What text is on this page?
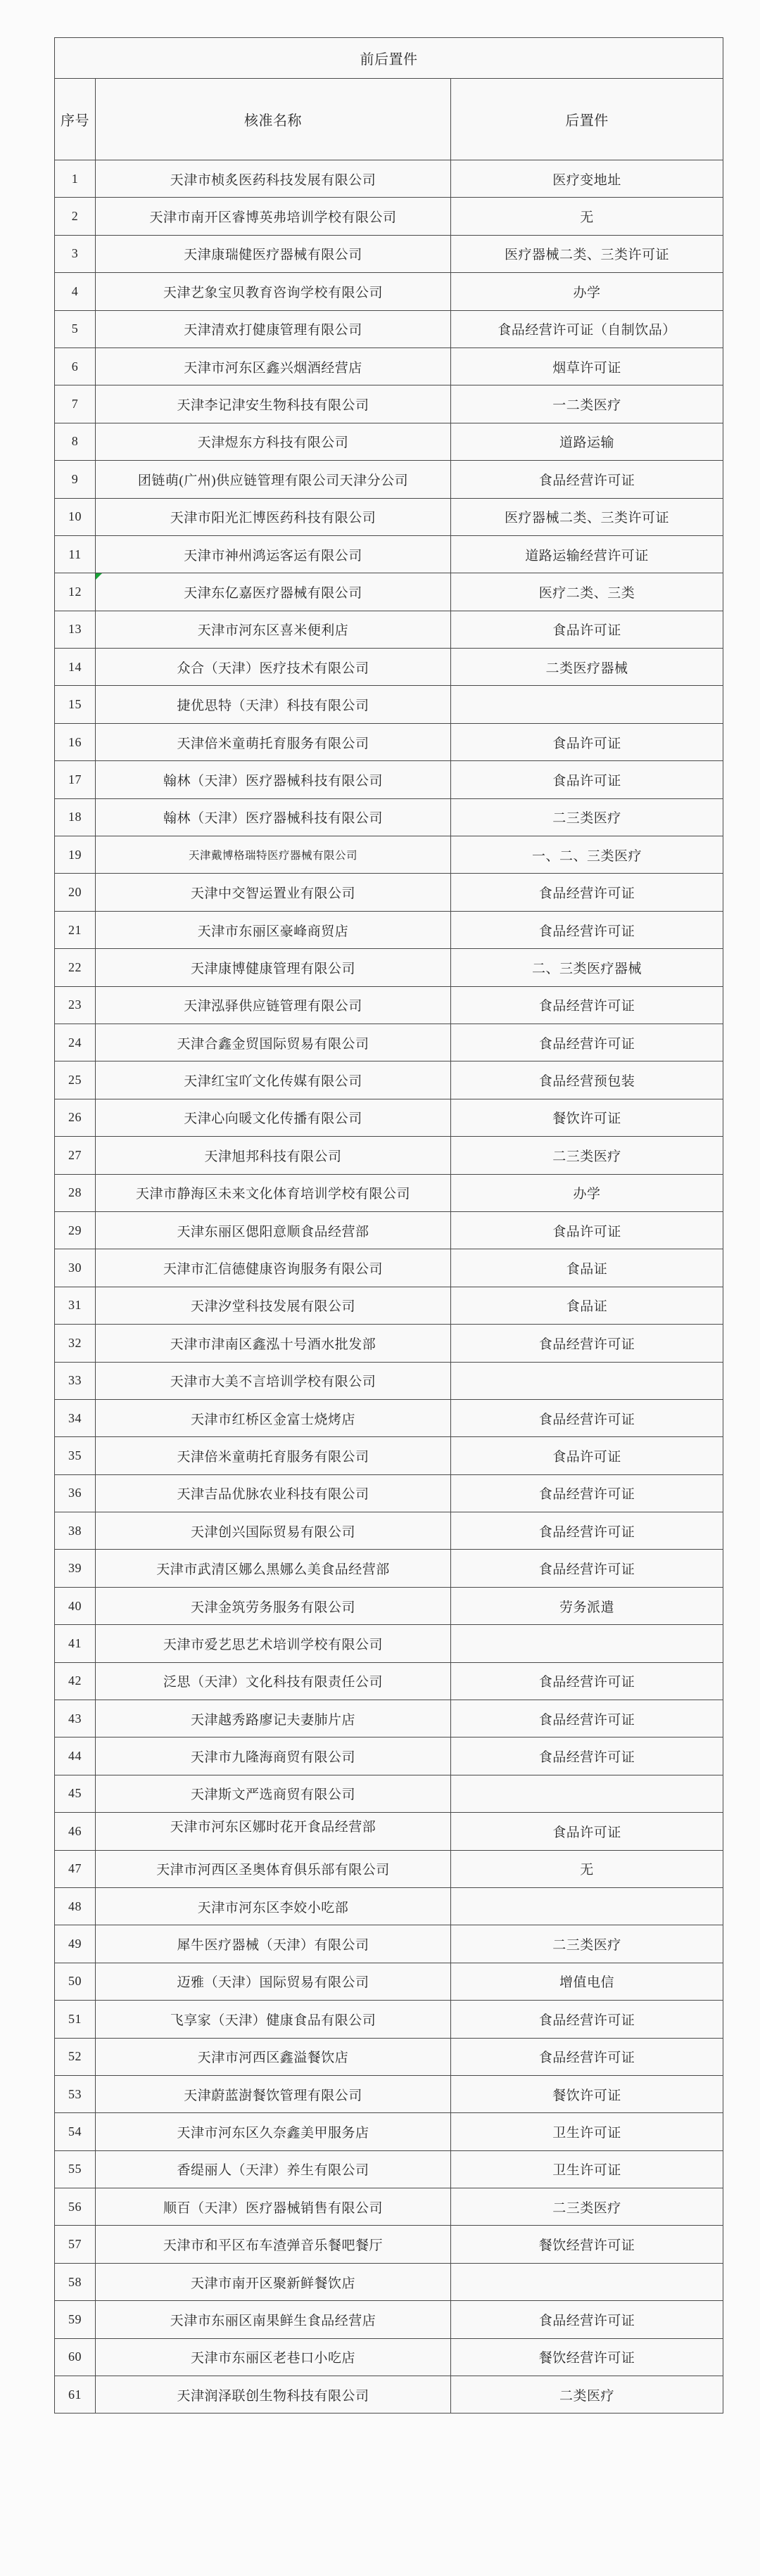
前后置件		
序号	核准名称	后置件
1	天津市桢炙医药科技发展有限公司	医疗变地址
2	天津市南开区睿博英弗培训学校有限公司	无
3	天津康瑞健医疗器械有限公司	医疗器械二类、三类许可证
4	天津艺象宝贝教育咨询学校有限公司	办学
5	天津清欢打健康管理有限公司	食品经营许可证（自制饮品）
6	天津市河东区鑫兴烟酒经营店	烟草许可证
7	天津李记津安生物科技有限公司	一二类医疗
8	天津煜东方科技有限公司	道路运输
9	团链萌(广州)供应链管理有限公司天津分公司	食品经营许可证
10	天津市阳光汇博医药科技有限公司	医疗器械二类、三类许可证
11	天津市神州鸿运客运有限公司	道路运输经营许可证
12	天津东亿嘉医疗器械有限公司	医疗二类、三类
13	天津市河东区喜米便利店	食品许可证
14	众合（天津）医疗技术有限公司	二类医疗器械
15	捷优思特（天津）科技有限公司	
16	天津倍米童萌托育服务有限公司	食品许可证
17	翰林（天津）医疗器械科技有限公司	食品许可证
18	翰林（天津）医疗器械科技有限公司	二三类医疗
19	天津戴博格瑞特医疗器械有限公司	一、二、三类医疗
20	天津中交智运置业有限公司	食品经营许可证
21	天津市东丽区豪峰商贸店	食品经营许可证
22	天津康博健康管理有限公司	二、三类医疗器械
23	天津泓驿供应链管理有限公司	食品经营许可证
24	天津合鑫金贸国际贸易有限公司	食品经营许可证
25	天津红宝吖文化传媒有限公司	食品经营预包装
26	天津心向暖文化传播有限公司	餐饮许可证
27	天津旭邦科技有限公司	二三类医疗
28	天津市静海区未来文化体育培训学校有限公司	办学
29	天津东丽区偲阳意顺食品经营部	食品许可证
30	天津市汇信德健康咨询服务有限公司	食品证
31	天津汐堂科技发展有限公司	食品证
32	天津市津南区鑫泓十号酒水批发部	食品经营许可证
33	天津市大美不言培训学校有限公司	
34	天津市红桥区金富士烧烤店	食品经营许可证
35	天津倍米童萌托育服务有限公司	食品许可证
36	天津吉品优脉农业科技有限公司	食品经营许可证
38	天津创兴国际贸易有限公司	食品经营许可证
39	天津市武清区娜么黑娜么美食品经营部	食品经营许可证
40	天津金筑劳务服务有限公司	劳务派遣
41	天津市爱艺思艺术培训学校有限公司	
42	泛思（天津）文化科技有限责任公司	食品经营许可证
43	天津越秀路廖记夫妻肺片店	食品经营许可证
44	天津市九隆海商贸有限公司	食品经营许可证
45	天津斯文严选商贸有限公司	
46	天津市河东区娜时花开食品经营部	食品许可证
47	天津市河西区圣奥体育俱乐部有限公司	无
48	天津市河东区李姣小吃部	
49	犀牛医疗器械（天津）有限公司	二三类医疗
50	迈雅（天津）国际贸易有限公司	增值电信
51	飞享家（天津）健康食品有限公司	食品经营许可证
52	天津市河西区鑫溢餐饮店	食品经营许可证
53	天津蔚蓝澍餐饮管理有限公司	餐饮许可证
54	天津市河东区久奈鑫美甲服务店	卫生许可证
55	香缇丽人（天津）养生有限公司	卫生许可证
56	顺百（天津）医疗器械销售有限公司	二三类医疗
57	天津市和平区布车渣弹音乐餐吧餐厅	餐饮经营许可证
58	天津市南开区聚新鲜餐饮店	
59	天津市东丽区南果鲜生食品经营店	食品经营许可证
60	天津市东丽区老巷口小吃店	餐饮经营许可证
61	天津润泽联创生物科技有限公司	二类医疗
